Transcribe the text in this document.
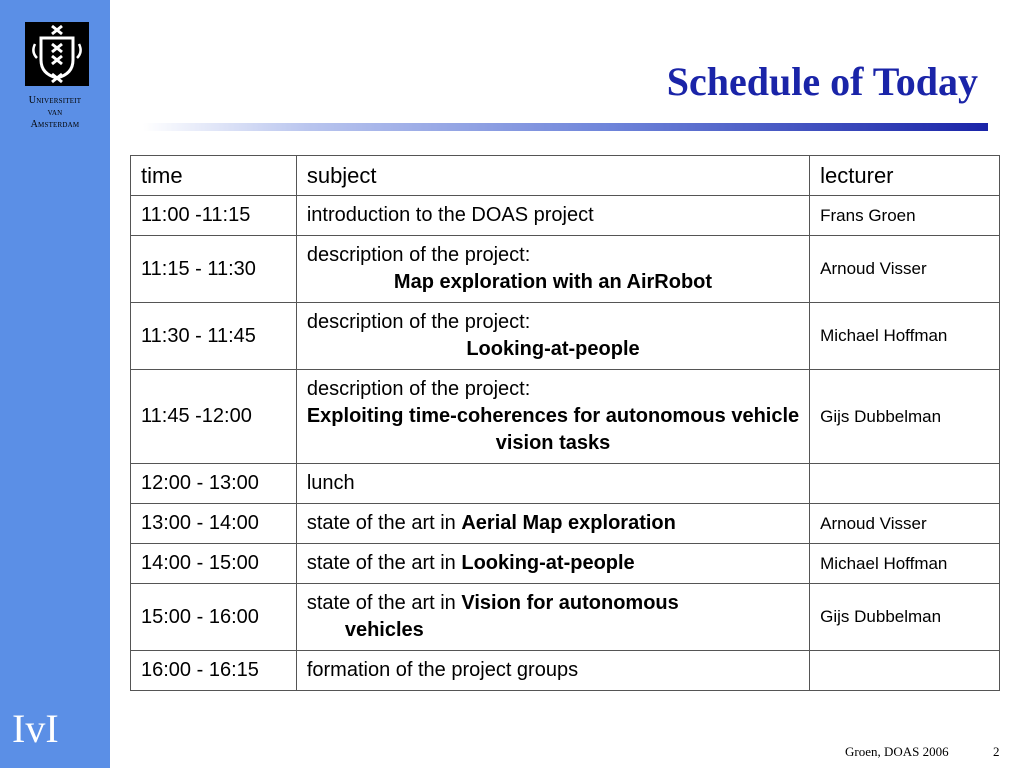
Universiteit
van
Amsterdam
IvI
Schedule of Today
time	subject	lecturer
11:00 -11:15	introduction to the DOAS project	Frans Groen
11:15 - 11:30	description of the project:
Map exploration with an AirRobot	Arnoud Visser
11:30 - 11:45	description of the project:
Looking-at-people	Michael Hoffman
11:45 -12:00	description of the project:
Exploiting time-coherences for autonomous vehicle vision tasks	Gijs Dubbelman
12:00 - 13:00	lunch	
13:00 - 14:00	state of the art in Aerial Map exploration	Arnoud Visser
14:00 - 15:00	state of the art in Looking-at-people	Michael Hoffman
15:00 - 16:00	state of the art in Vision for autonomous
vehicles	Gijs Dubbelman
16:00 - 16:15	formation of the project groups	
Groen, DOAS 2006	2
